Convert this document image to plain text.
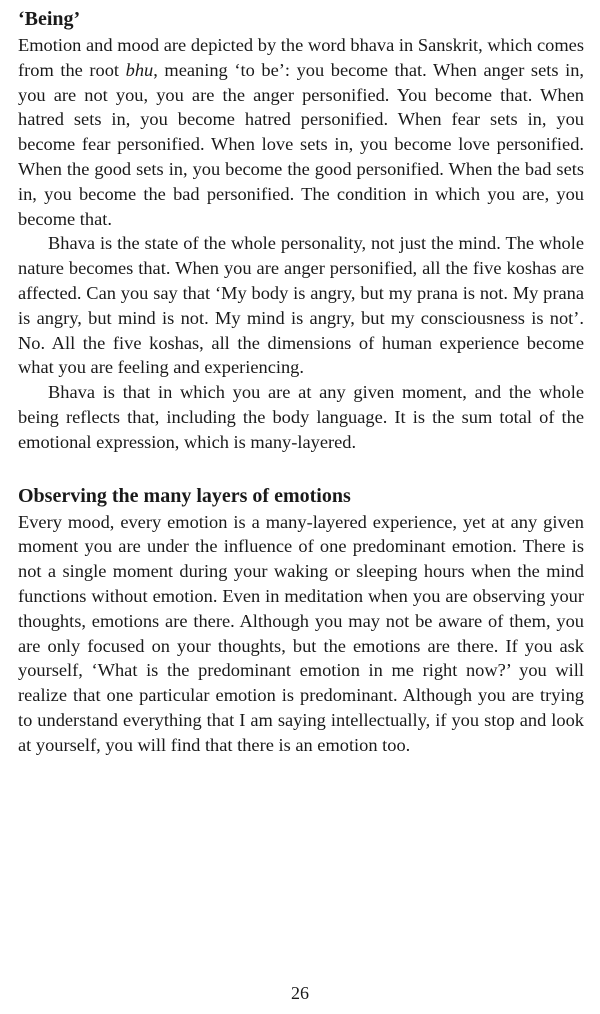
‘Being’

Emotion and mood are depicted by the word bhava in Sanskrit, which comes from the root bhu, meaning ‘to be’: you become that. When anger sets in, you are not you, you are the anger personified. You become that. When hatred sets in, you become hatred personified. When fear sets in, you become fear personified. When love sets in, you become love personified. When the good sets in, you become the good personified. When the bad sets in, you become the bad personified. The condition in which you are, you become that.

Bhava is the state of the whole personality, not just the mind. The whole nature becomes that. When you are anger personified, all the five koshas are affected. Can you say that ‘My body is angry, but my prana is not. My prana is angry, but mind is not. My mind is angry, but my consciousness is not’. No. All the five koshas, all the dimensions of human experience become what you are feeling and experiencing.

Bhava is that in which you are at any given moment, and the whole being reflects that, including the body language. It is the sum total of the emotional expression, which is many-layered.

Observing the many layers of emotions

Every mood, every emotion is a many-layered experience, yet at any given moment you are under the influence of one predominant emotion. There is not a single moment during your waking or sleeping hours when the mind functions without emotion. Even in meditation when you are observing your thoughts, emotions are there. Although you may not be aware of them, you are only focused on your thoughts, but the emotions are there. If you ask yourself, ‘What is the predominant emotion in me right now?’ you will realize that one particular emotion is predominant. Although you are trying to understand everything that I am saying intellectually, if you stop and look at yourself, you will find that there is an emotion too.

26
